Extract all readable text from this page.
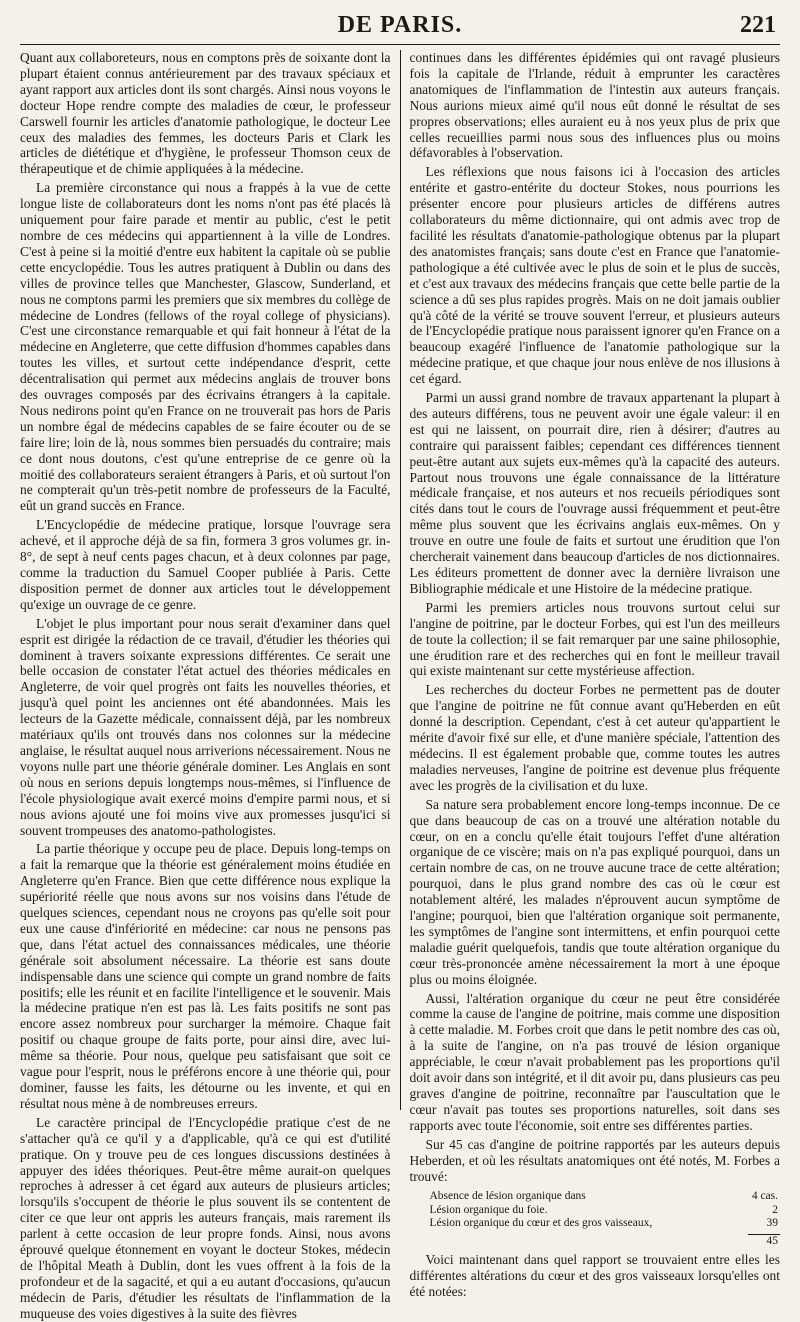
DE PARIS.	221

Quant aux collaboreteurs, nous en comptons près de soixante dont la plupart étaient connus antérieurement par des travaux spéciaux et ayant rapport aux articles dont ils sont chargés. Ainsi nous voyons le docteur Hope rendre compte des maladies de cœur, le professeur Carswell fournir les articles d'anatomie pathologique, le docteur Lee ceux des maladies des femmes, les docteurs Paris et Clark les articles de diététique et d'hygiène, le professeur Thomson ceux de thérapeutique et de chimie appliquées à la médecine.

La première circonstance qui nous a frappés à la vue de cette longue liste de collaborateurs dont les noms n'ont pas été placés là uniquement pour faire parade et mentir au public, c'est le petit nombre de ces médecins qui appartiennent à la ville de Londres. C'est à peine si la moitié d'entre eux habitent la capitale où se publie cette encyclopédie. Tous les autres pratiquent à Dublin ou dans des villes de province telles que Manchester, Glascow, Sunderland, et nous ne comptons parmi les premiers que six membres du collège de médecine de Londres (fellows of the royal college of physicians). C'est une circonstance remarquable et qui fait honneur à l'état de la médecine en Angleterre, que cette diffusion d'hommes capables dans toutes les villes, et surtout cette indépendance d'esprit, cette décentralisation qui permet aux médecins anglais de trouver bons des ouvrages composés par des écrivains étrangers à la capitale. Nous nedirons point qu'en France on ne trouverait pas hors de Paris un nombre égal de médecins capables de se faire écouter ou de se faire lire; loin de là, nous sommes bien persuadés du contraire; mais ce dont nous doutons, c'est qu'une entreprise de ce genre où la moitié des collaborateurs seraient étrangers à Paris, et où surtout l'on ne compterait qu'un très-petit nombre de professeurs de la Faculté, eût un grand succès en France.

L'Encyclopédie de médecine pratique, lorsque l'ouvrage sera achevé, et il approche déjà de sa fin, formera 3 gros volumes gr. in-8°, de sept à neuf cents pages chacun, et à deux colonnes par page, comme la traduction du Samuel Cooper publiée à Paris. Cette disposition permet de donner aux articles tout le développement qu'exige un ouvrage de ce genre.

L'objet le plus important pour nous serait d'examiner dans quel esprit est dirigée la rédaction de ce travail, d'étudier les théories qui dominent à travers soixante expressions différentes. Ce serait une belle occasion de constater l'état actuel des théories médicales en Angleterre, de voir quel progrès ont faits les nouvelles théories, et jusqu'à quel point les anciennes ont été abandonnées. Mais les lecteurs de la Gazette médicale, connaissent déjà, par les nombreux matériaux qu'ils ont trouvés dans nos colonnes sur la médecine anglaise, le résultat auquel nous arriverions nécessairement. Nous ne voyons nulle part une théorie générale dominer. Les Anglais en sont où nous en serions depuis longtemps nous-mêmes, si l'influence de l'école physiologique avait exercé moins d'empire parmi nous, et si nous avions ajouté une foi moins vive aux promesses jusqu'ici si souvent trompeuses des anatomo-pathologistes.

La partie théorique y occupe peu de place. Depuis long-temps on a fait la remarque que la théorie est généralement moins étudiée en Angleterre qu'en France. Bien que cette différence nous explique la supériorité réelle que nous avons sur nos voisins dans l'étude de quelques sciences, cependant nous ne croyons pas qu'elle soit pour eux une cause d'infériorité en médecine: car nous ne pensons pas que, dans l'état actuel des connaissances médicales, une théorie générale soit absolument nécessaire. La théorie est sans doute indispensable dans une science qui compte un grand nombre de faits positifs; elle les réunit et en facilite l'intelligence et le souvenir. Mais la médecine pratique n'en est pas là. Les faits positifs ne sont pas encore assez nombreux pour surcharger la mémoire. Chaque fait positif ou chaque groupe de faits porte, pour ainsi dire, avec lui-même sa théorie. Pour nous, quelque peu satisfaisant que soit ce vague pour l'esprit, nous le préférons encore à une théorie qui, pour dominer, fausse les faits, les détourne ou les invente, et qui en résultat nous mène à de nombreuses erreurs.

Le caractère principal de l'Encyclopédie pratique c'est de ne s'attacher qu'à ce qu'il y a d'applicable, qu'à ce qui est d'utilité pratique. On y trouve peu de ces longues discussions destinées à appuyer des idées théoriques. Peut-être même aurait-on quelques reproches à adresser à cet égard aux auteurs de plusieurs articles; lorsqu'ils s'occupent de théorie le plus souvent ils se contentent de citer ce que leur ont appris les auteurs français, mais rarement ils parlent à cette occasion de leur propre fonds. Ainsi, nous avons éprouvé quelque étonnement en voyant le docteur Stokes, médecin de l'hôpital Meath à Dublin, dont les vues offrent à la fois de la profondeur et de la sagacité, et qui a eu autant d'occasions, qu'aucun médecin de Paris, d'étudier les résultats de l'inflammation de la muqueuse des voies digestives à la suite des fièvres

continues dans les différentes épidémies qui ont ravagé plusieurs fois la capitale de l'Irlande, réduit à emprunter les caractères anatomiques de l'inflammation de l'intestin aux auteurs français. Nous aurions mieux aimé qu'il nous eût donné le résultat de ses propres observations; elles auraient eu à nos yeux plus de prix que celles recueillies parmi nous sous des influences plus ou moins défavorables à l'observation.

Les réflexions que nous faisons ici à l'occasion des articles entérite et gastro-entérite du docteur Stokes, nous pourrions les présenter encore pour plusieurs articles de différens autres collaborateurs du même dictionnaire, qui ont admis avec trop de facilité les résultats d'anatomie-pathologique obtenus par la plupart des anatomistes français; sans doute c'est en France que l'anatomie-pathologique a été cultivée avec le plus de soin et le plus de succès, et c'est aux travaux des médecins français que cette belle partie de la science a dû ses plus rapides progrès. Mais on ne doit jamais oublier qu'à côté de la vérité se trouve souvent l'erreur, et plusieurs auteurs de l'Encyclopédie pratique nous paraissent ignorer qu'en France on a beaucoup exagéré l'influence de l'anatomie pathologique sur la médecine pratique, et que chaque jour nous enlève de nos illusions à cet égard.

Parmi un aussi grand nombre de travaux appartenant la plupart à des auteurs différens, tous ne peuvent avoir une égale valeur: il en est qui ne laissent, on pourrait dire, rien à désirer; d'autres au contraire qui paraissent faibles; cependant ces différences tiennent peut-être autant aux sujets eux-mêmes qu'à la capacité des auteurs. Partout nous trouvons une égale connaissance de la littérature médicale française, et nos auteurs et nos recueils périodiques sont cités dans tout le cours de l'ouvrage aussi fréquemment et peut-être même plus souvent que les écrivains anglais eux-mêmes. On y trouve en outre une foule de faits et surtout une érudition que l'on chercherait vainement dans beaucoup d'articles de nos dictionnaires. Les éditeurs promettent de donner avec la dernière livraison une Bibliographie médicale et une Histoire de la médecine pratique.

Parmi les premiers articles nous trouvons surtout celui sur l'angine de poitrine, par le docteur Forbes, qui est l'un des meilleurs de toute la collection; il se fait remarquer par une saine philosophie, une érudition rare et des recherches qui en font le meilleur travail qui existe maintenant sur cette mystérieuse affection.

Les recherches du docteur Forbes ne permettent pas de douter que l'angine de poitrine ne fût connue avant qu'Heberden en eût donné la description. Cependant, c'est à cet auteur qu'appartient le mérite d'avoir fixé sur elle, et d'une manière spéciale, l'attention des médecins. Il est également probable que, comme toutes les autres maladies nerveuses, l'angine de poitrine est devenue plus fréquente avec les progrès de la civilisation et du luxe.

Sa nature sera probablement encore long-temps inconnue. De ce que dans beaucoup de cas on a trouvé une altération notable du cœur, on en a conclu qu'elle était toujours l'effet d'une altération organique de ce viscère; mais on n'a pas expliqué pourquoi, dans un certain nombre de cas, on ne trouve aucune trace de cette altération; pourquoi, dans le plus grand nombre des cas où le cœur est notablement altéré, les malades n'éprouvent aucun symptôme de l'angine; pourquoi, bien que l'altération organique soit permanente, les symptômes de l'angine sont intermittens, et enfin pourquoi cette maladie guérit quelquefois, tandis que toute altération organique du cœur très-prononcée amène nécessairement la mort à une époque plus ou moins éloignée.

Aussi, l'altération organique du cœur ne peut être considérée comme la cause de l'angine de poitrine, mais comme une disposition à cette maladie. M. Forbes croit que dans le petit nombre des cas où, à la suite de l'angine, on n'a pas trouvé de lésion organique appréciable, le cœur n'avait probablement pas les proportions qu'il doit avoir dans son intégrité, et il dit avoir pu, dans plusieurs cas peu graves d'angine de poitrine, reconnaître par l'auscultation que le cœur n'avait pas toutes ses proportions naturelles, soit dans ses rapports avec toute l'économie, soit entre ses différentes parties.

Sur 45 cas d'angine de poitrine rapportés par les auteurs depuis Heberden, et où les résultats anatomiques ont été notés, M. Forbes a trouvé:

Absence de lésion organique dans	4 cas.
Lésion organique du foie.	2
Lésion organique du cœur et des gros vaisseaux,	39
45

Voici maintenant dans quel rapport se trouvaient entre elles les différentes altérations du cœur et des gros vaisseaux lorsqu'elles ont été notées:
